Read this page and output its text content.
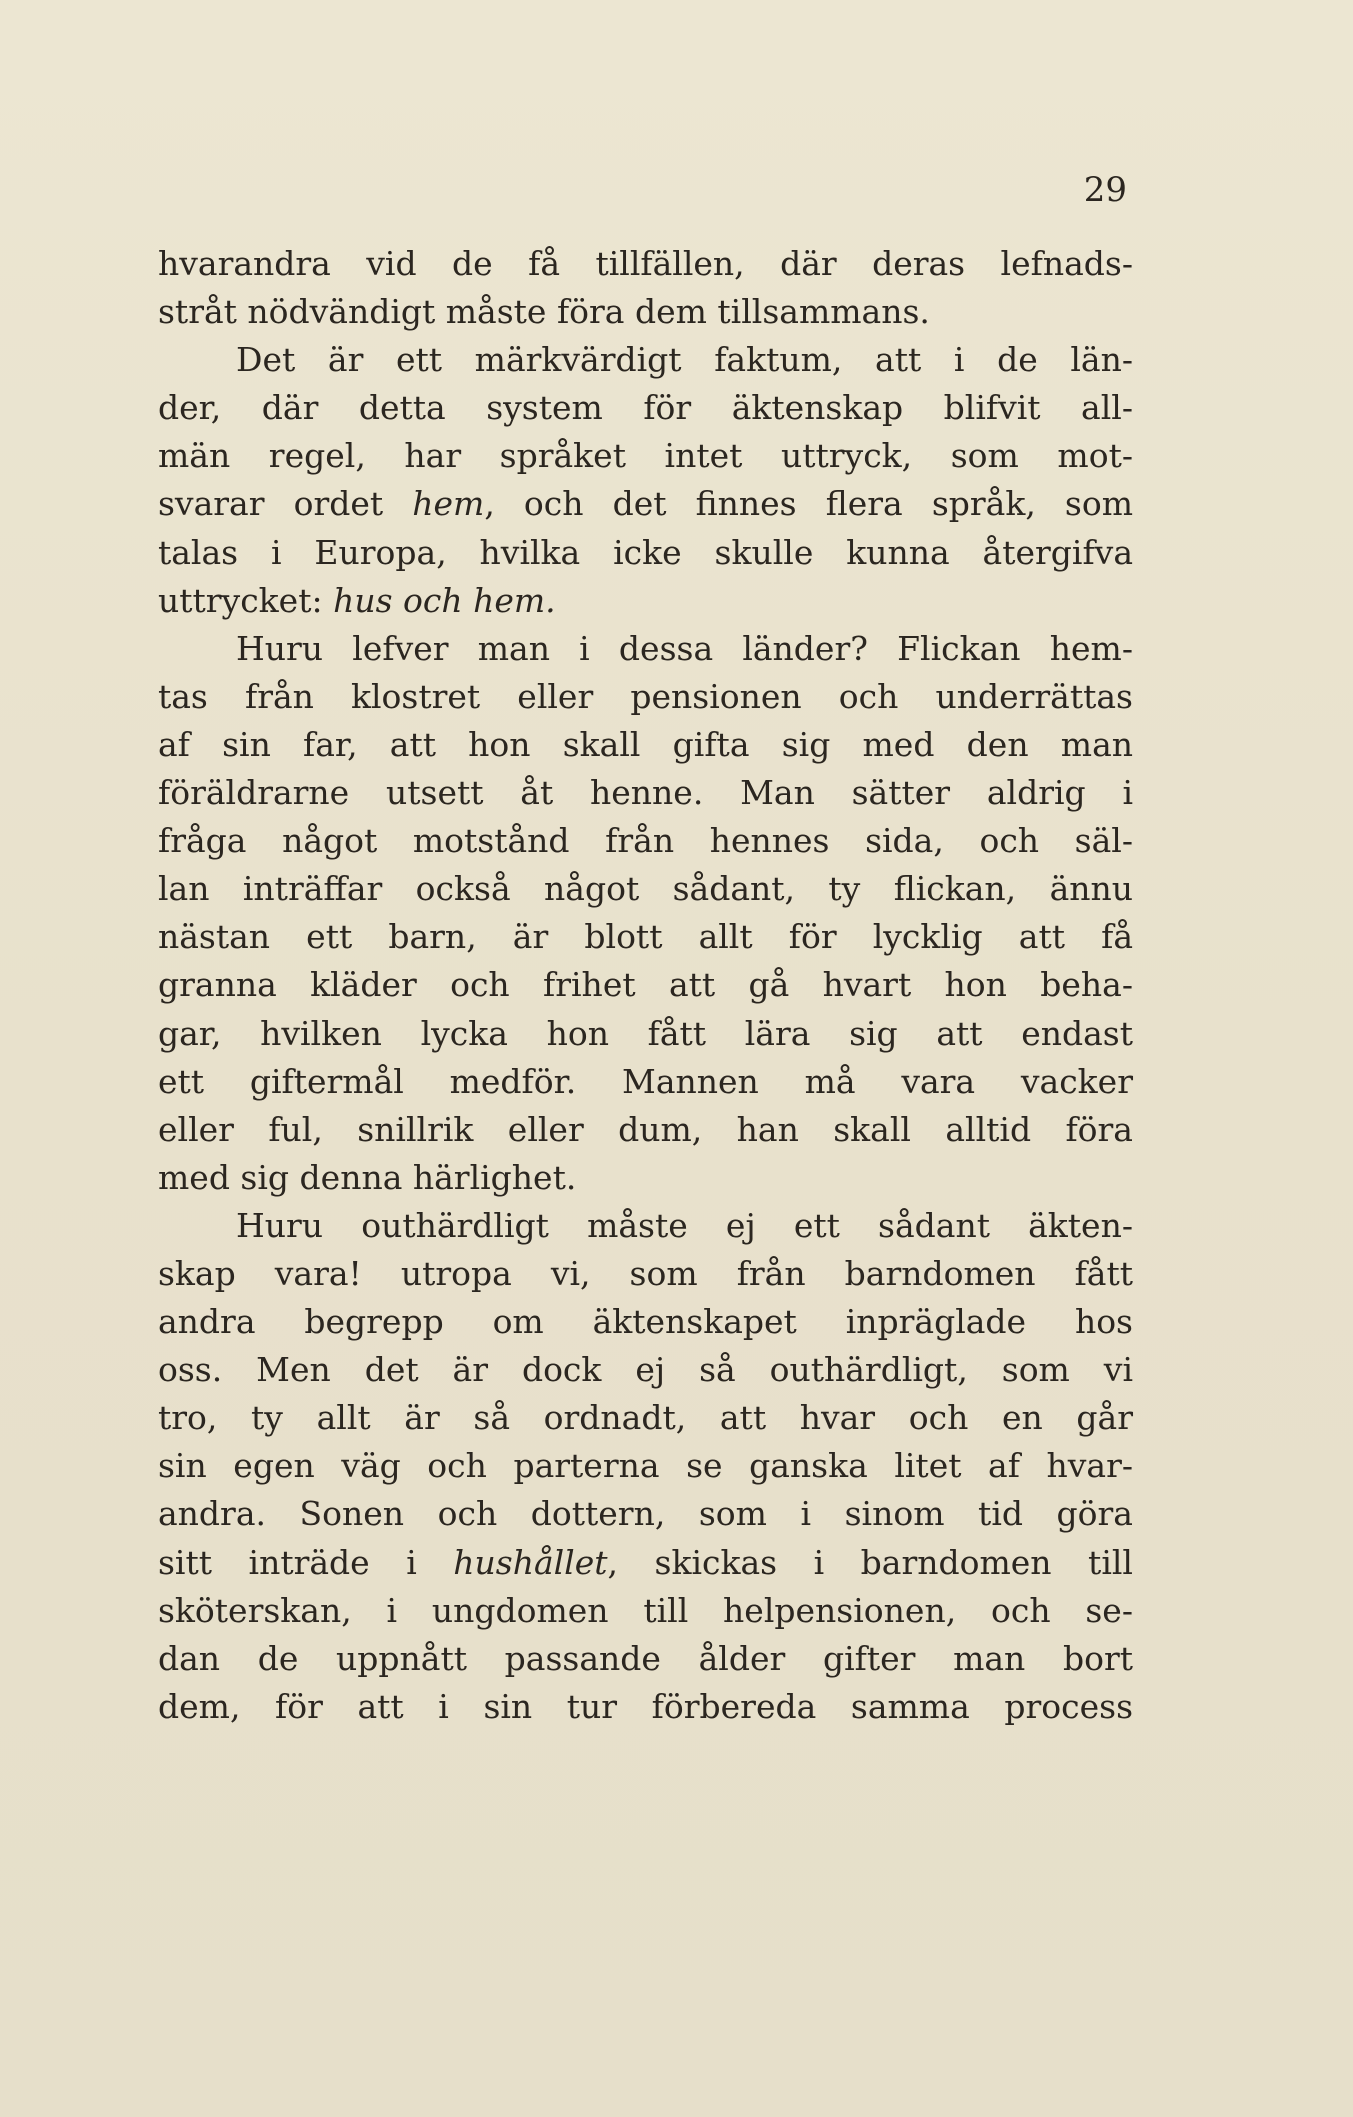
29
hvarandra vid de få tillfällen, där deras lefnads-
stråt nödvändigt måste föra dem tillsammans.
Det är ett märkvärdigt faktum, att i de län-
der, där detta system för äktenskap blifvit all-
män regel, har språket intet uttryck, som mot-
svarar ordet hem, och det finnes flera språk, som
talas i Europa, hvilka icke skulle kunna återgifva
uttrycket: hus och hem.
Huru lefver man i dessa länder? Flickan hem-
tas från klostret eller pensionen och underrättas
af sin far, att hon skall gifta sig med den man
föräldrarne utsett åt henne. Man sätter aldrig i
fråga något motstånd från hennes sida, och säl-
lan inträffar också något sådant, ty flickan, ännu
nästan ett barn, är blott allt för lycklig att få
granna kläder och frihet att gå hvart hon beha-
gar, hvilken lycka hon fått lära sig att endast
ett giftermål medför. Mannen må vara vacker
eller ful, snillrik eller dum, han skall alltid föra
med sig denna härlighet.
Huru outhärdligt måste ej ett sådant äkten-
skap vara! utropa vi, som från barndomen fått
andra begrepp om äktenskapet inpräglade hos
oss. Men det är dock ej så outhärdligt, som vi
tro, ty allt är så ordnadt, att hvar och en går
sin egen väg och parterna se ganska litet af hvar-
andra. Sonen och dottern, som i sinom tid göra
sitt inträde i hushållet, skickas i barndomen till
sköterskan, i ungdomen till helpensionen, och se-
dan de uppnått passande ålder gifter man bort
dem, för att i sin tur förbereda samma process
